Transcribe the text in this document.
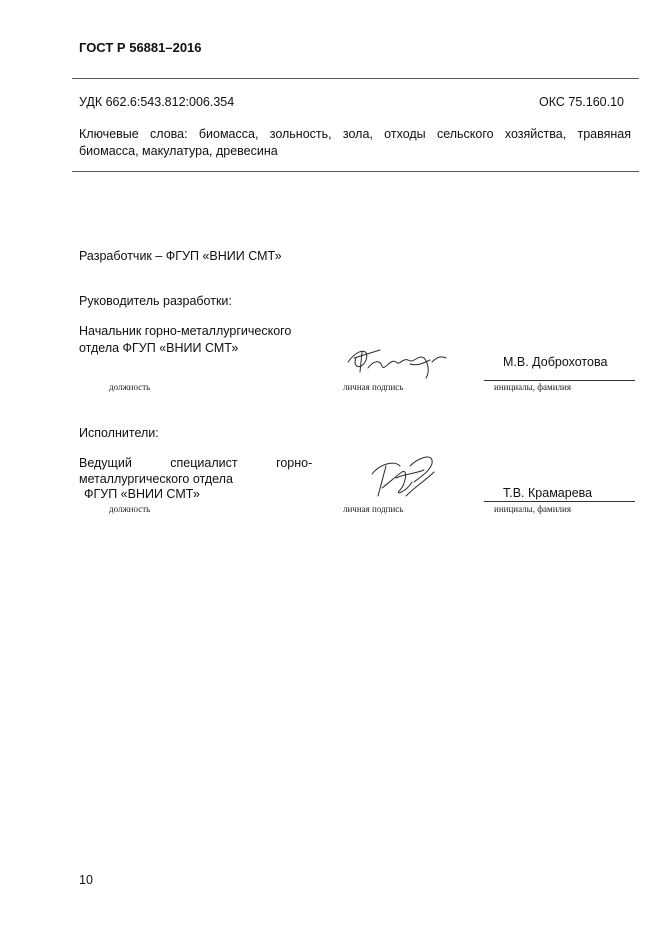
ГОСТ Р 56881–2016
УДК 662.6:543.812:006.354	ОКС 75.160.10
Ключевые слова: биомасса, зольность, зола, отходы сельского хозяйства, травяная биомасса, макулатура, древесина
Разработчик – ФГУП «ВНИИ СМТ»
Руководитель разработки:
Начальник горно-металлургического отдела ФГУП «ВНИИ СМТ»
М.В. Доброхотова
должность	личная подпись	инициалы, фамилия
Исполнители:
Ведущий специалист горно-
металлургического отдела
ФГУП «ВНИИ СМТ»	Т.В. Крамарева
должность	личная подпись	инициалы, фамилия
10
